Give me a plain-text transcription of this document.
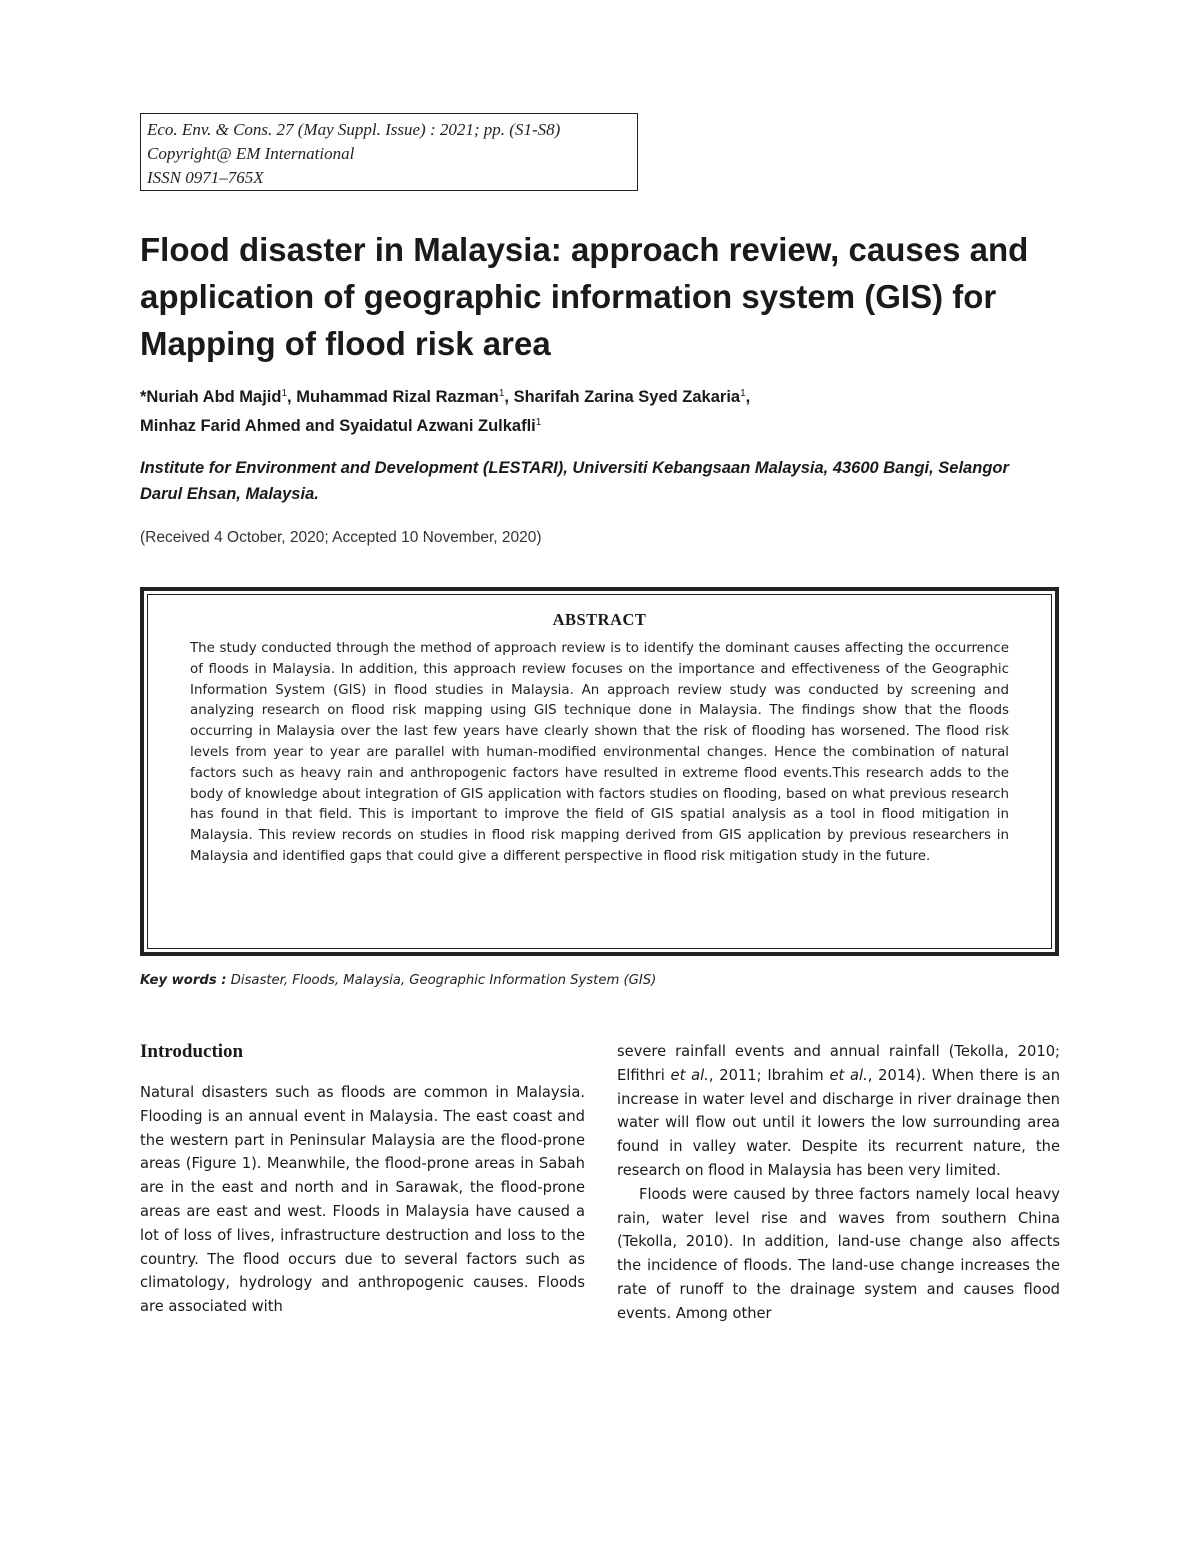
Eco. Env. & Cons. 27 (May Suppl. Issue) : 2021; pp. (S1-S8)
Copyright@ EM International
ISSN 0971–765X
Flood disaster in Malaysia: approach review, causes and application of geographic information system (GIS) for Mapping of flood risk area
*Nuriah Abd Majid$^1$, Muhammad Rizal Razman$^1$, Sharifah Zarina Syed Zakaria$^1$,
Minhaz Farid Ahmed and Syaidatul Azwani Zulkafli$^1$
Institute for Environment and Development (LESTARI), Universiti Kebangsaan Malaysia, 43600 Bangi, Selangor Darul Ehsan, Malaysia.
(Received 4 October, 2020; Accepted 10 November, 2020)
ABSTRACT

The study conducted through the method of approach review is to identify the dominant causes affecting the occurrence of floods in Malaysia. In addition, this approach review focuses on the importance and effectiveness of the Geographic Information System (GIS) in flood studies in Malaysia. An approach review study was conducted by screening and analyzing research on flood risk mapping using GIS technique done in Malaysia. The findings show that the floods occurring in Malaysia over the last few years have clearly shown that the risk of flooding has worsened. The flood risk levels from year to year are parallel with human-modified environmental changes. Hence the combination of natural factors such as heavy rain and anthropogenic factors have resulted in extreme flood events.This research adds to the body of knowledge about integration of GIS application with factors studies on flooding, based on what previous research has found in that field. This is important to improve the field of GIS spatial analysis as a tool in flood mitigation in Malaysia. This review records on studies in flood risk mapping derived from GIS application by previous researchers in Malaysia and identified gaps that could give a different perspective in flood risk mitigation study in the future.

Key words : Disaster, Floods, Malaysia, Geographic Information System (GIS)
Introduction

Natural disasters such as floods are common in Malaysia. Flooding is an annual event in Malaysia. The east coast and the western part in Peninsular Malaysia are the flood-prone areas (Figure 1). Meanwhile, the flood-prone areas in Sabah are in the east and north and in Sarawak, the flood-prone areas are east and west. Floods in Malaysia have caused a lot of loss of lives, infrastructure destruction and loss to the country. The flood occurs due to several factors such as climatology, hydrology and anthropogenic causes. Floods are associated with

severe rainfall events and annual rainfall (Tekolla, 2010; Elfithri et al., 2011; Ibrahim et al., 2014). When there is an increase in water level and discharge in river drainage then water will flow out until it lowers the low surrounding area found in valley water. Despite its recurrent nature, the research on flood in Malaysia has been very limited.

Floods were caused by three factors namely local heavy rain, water level rise and waves from southern China (Tekolla, 2010). In addition, land-use change also affects the incidence of floods. The land-use change increases the rate of runoff to the drainage system and causes flood events. Among other
